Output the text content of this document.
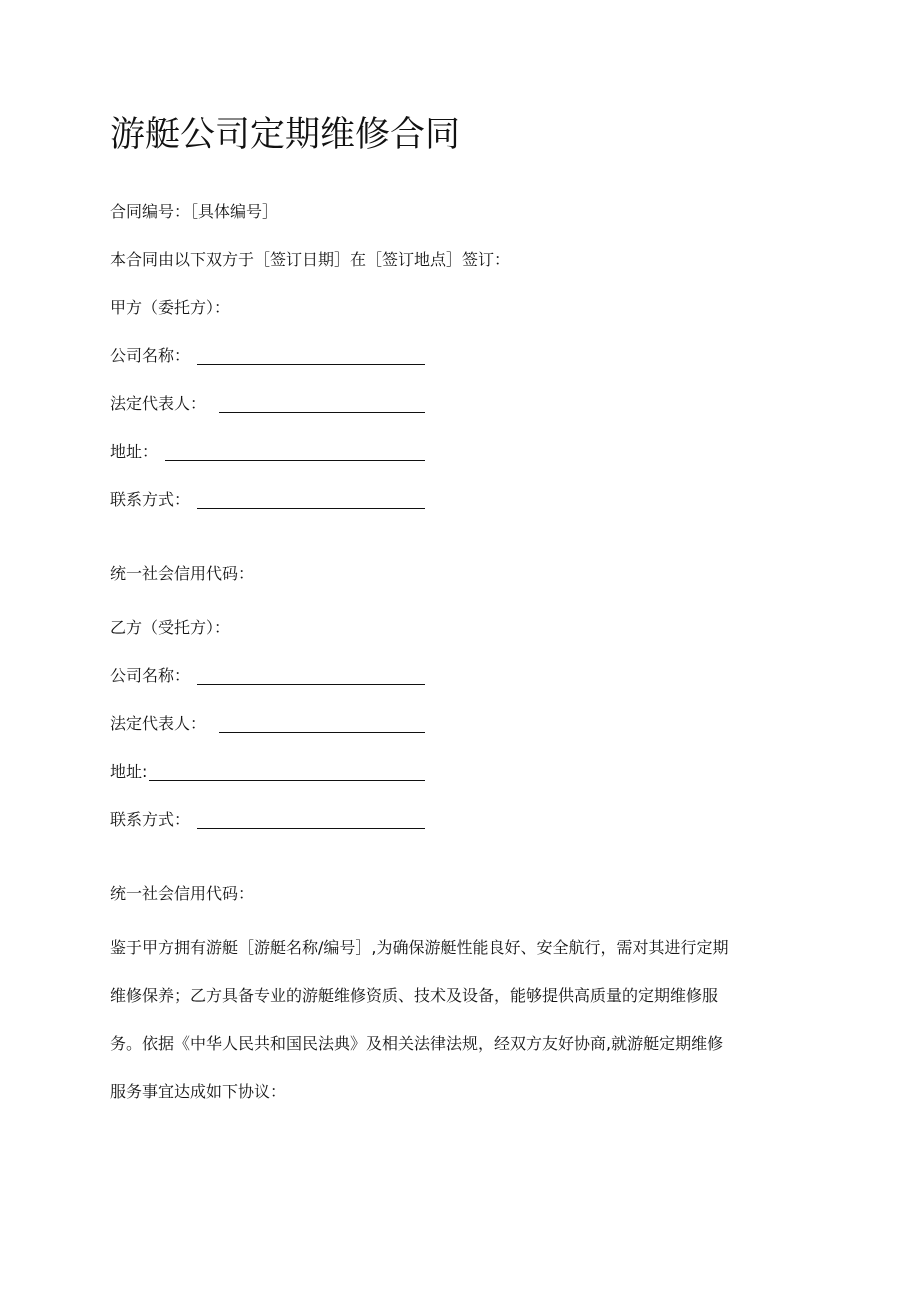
游艇公司定期维修合同
合同编号：［具体编号］
本合同由以下双方于［签订日期］在［签订地点］签订：
甲方（委托方）：
公司名称：
法定代表人：
地址：
联系方式：
统一社会信用代码：
乙方（受托方）：
公司名称：
法定代表人：
地址:
联系方式：
统一社会信用代码：
鉴于甲方拥有游艇［游艇名称/编号］,为确保游艇性能良好、安全航行，需对其进行定期
维修保养；乙方具备专业的游艇维修资质、技术及设备，能够提供高质量的定期维修服
务。依据《中华人民共和国民法典》及相关法律法规，经双方友好协商,就游艇定期维修
服务事宜达成如下协议：
